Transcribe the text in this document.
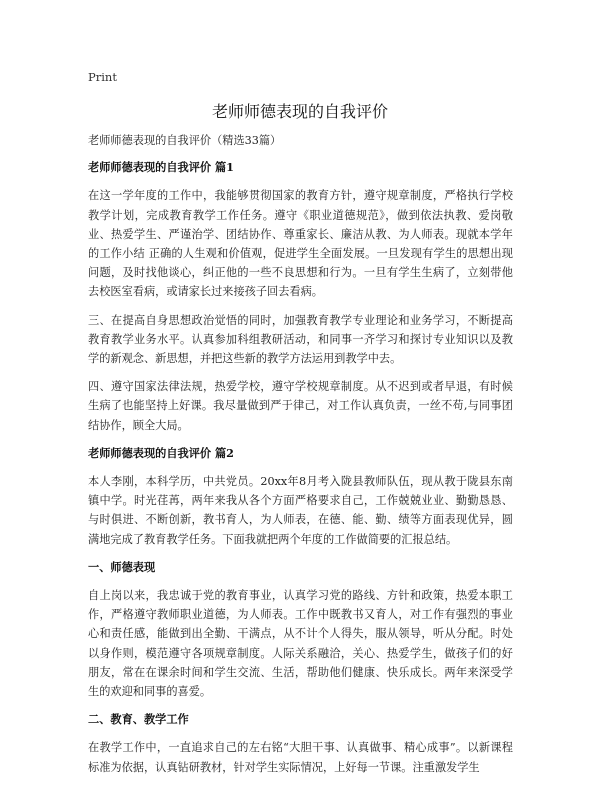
Print
老师师德表现的自我评价

老师师德表现的自我评价（精选33篇）

老师师德表现的自我评价 篇1

在这一学年度的工作中，我能够贯彻国家的教育方针，遵守规章制度，严格执行学校教学计划，完成教育教学工作任务。遵守《职业道德规范》，做到依法执教、爱岗敬业、热爱学生、严谨治学、团结协作、尊重家长、廉洁从教、为人师表。现就本学年的工作小结 正确的人生观和价值观，促进学生全面发展。一旦发现有学生的思想出现问题，及时找他谈心，纠正他的一些不良思想和行为。一旦有学生生病了，立刻带他去校医室看病，或请家长过来接孩子回去看病。

三、在提高自身思想政治觉悟的同时，加强教育教学专业理论和业务学习，不断提高教育教学业务水平。认真参加科组教研活动，和同事一齐学习和探讨专业知识以及教学的新观念、新思想，并把这些新的教学方法运用到教学中去。

四、遵守国家法律法规，热爱学校，遵守学校规章制度。从不迟到或者早退，有时候生病了也能坚持上好课。我尽量做到严于律己，对工作认真负责，一丝不苟,与同事团结协作，顾全大局。

老师师德表现的自我评价 篇2

本人李刚，本科学历，中共党员。20xx年8月考入陇县教师队伍，现从教于陇县东南镇中学。时光荏苒，两年来我从各个方面严格要求自己，工作兢兢业业、勤勤恳恳、与时俱进、不断创新，教书育人，为人师表，在德、能、勤、绩等方面表现优异，圆满地完成了教育教学任务。下面我就把两个年度的工作做简要的汇报总结。

一、师德表现

自上岗以来，我忠诚于党的教育事业，认真学习党的路线、方针和政策，热爱本职工作，严格遵守教师职业道德，为人师表。工作中既教书又育人，对工作有强烈的事业心和责任感，能做到出全勤、干满点，从不计个人得失，服从领导，听从分配。时处以身作则，模范遵守各项规章制度。人际关系融洽，关心、热爱学生，做孩子们的好朋友，常在在课余时间和学生交流、生活，帮助他们健康、快乐成长。两年来深受学生的欢迎和同事的喜爱。

二、教育、教学工作

在教学工作中，一直追求自己的左右铭“大胆干事、认真做事、精心成事”。以新课程标准为依据，认真钻研教材，针对学生实际情况，上好每一节课。注重激发学生
